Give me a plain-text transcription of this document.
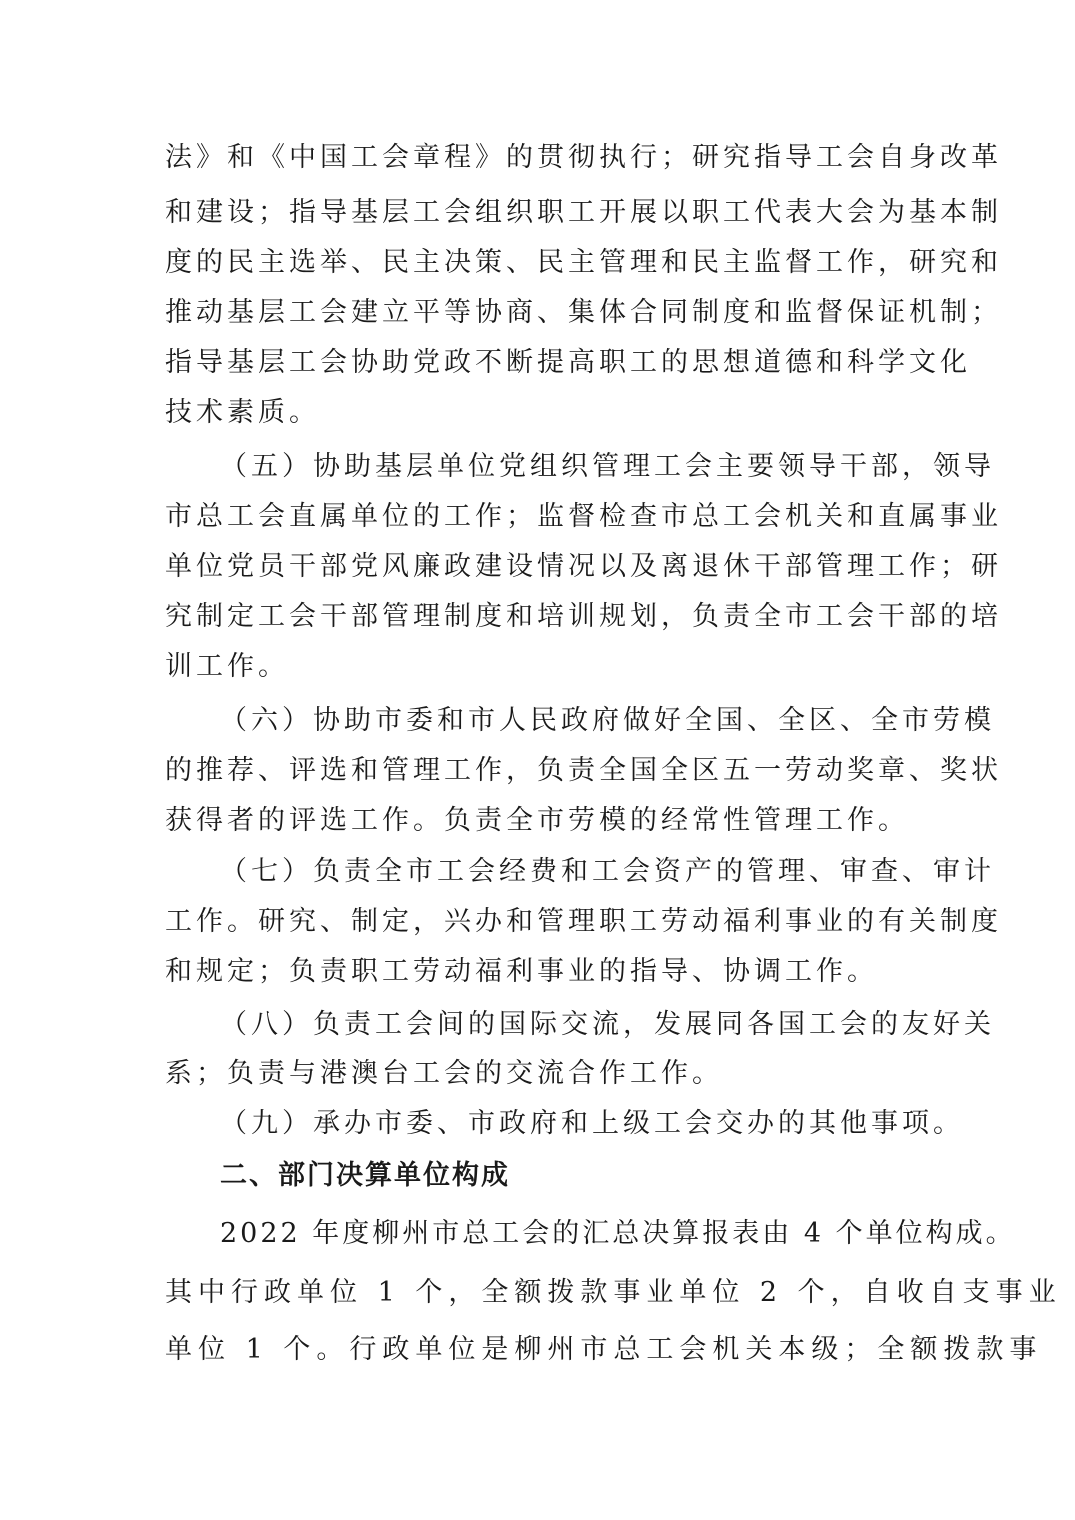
法》和《中国工会章程》的贯彻执行；研究指导工会自身改革
和建设；指导基层工会组织职工开展以职工代表大会为基本制
度的民主选举、民主决策、民主管理和民主监督工作，研究和
推动基层工会建立平等协商、集体合同制度和监督保证机制；
指导基层工会协助党政不断提高职工的思想道德和科学文化
技术素质。
（五）协助基层单位党组织管理工会主要领导干部，领导
市总工会直属单位的工作；监督检查市总工会机关和直属事业
单位党员干部党风廉政建设情况以及离退休干部管理工作；研
究制定工会干部管理制度和培训规划，负责全市工会干部的培
训工作。
（六）协助市委和市人民政府做好全国、全区、全市劳模
的推荐、评选和管理工作，负责全国全区五一劳动奖章、奖状
获得者的评选工作。负责全市劳模的经常性管理工作。
（七）负责全市工会经费和工会资产的管理、审查、审计
工作。研究、制定，兴办和管理职工劳动福利事业的有关制度
和规定；负责职工劳动福利事业的指导、协调工作。
（八）负责工会间的国际交流，发展同各国工会的友好关
系；负责与港澳台工会的交流合作工作。
（九）承办市委、市政府和上级工会交办的其他事项。
二、部门决算单位构成
2022 年度柳州市总工会的汇总决算报表由 4 个单位构成。
其中行政单位 1 个，全额拨款事业单位 2 个，自收自支事业
单位 1 个。行政单位是柳州市总工会机关本级；全额拨款事
